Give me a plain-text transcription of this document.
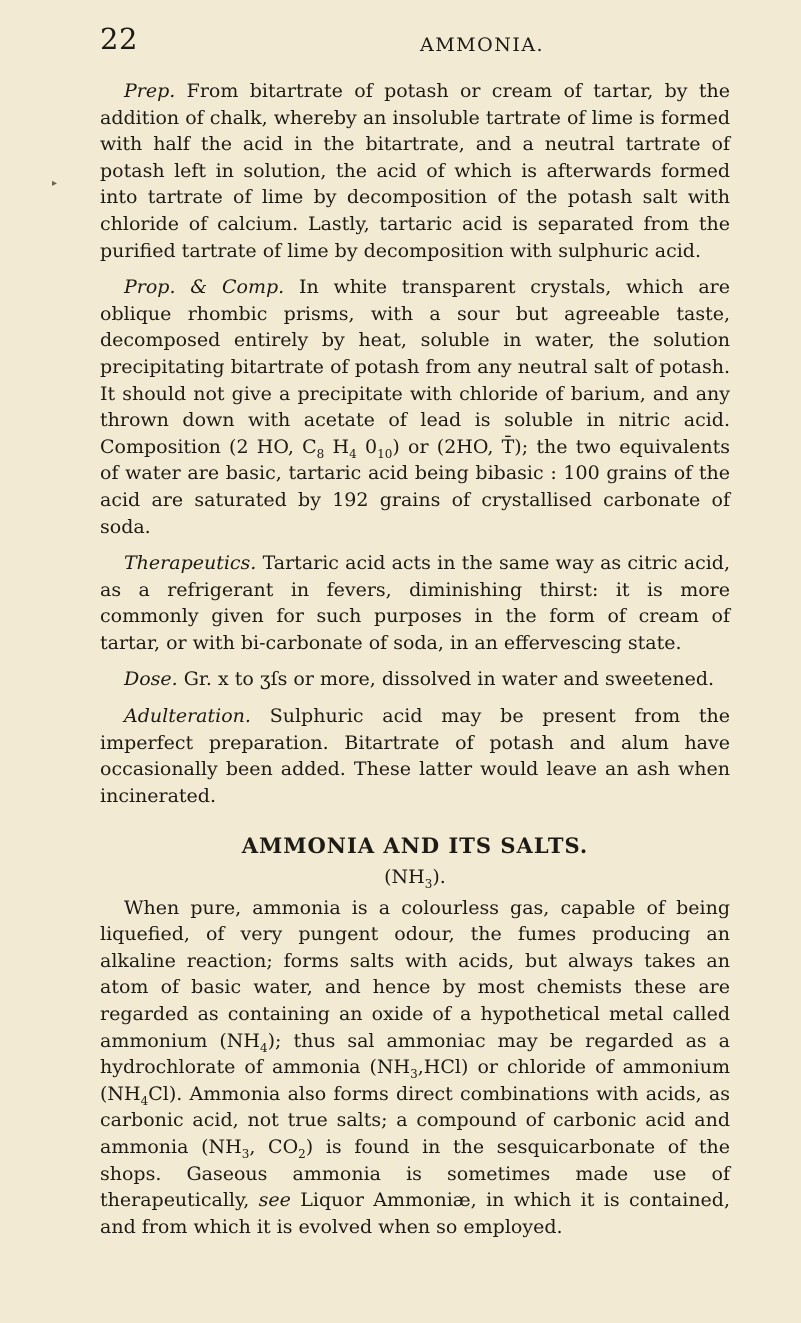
▸
22	AMMONIA.

Prep. From bitartrate of potash or cream of tartar, by the addition of chalk, whereby an insoluble tartrate of lime is formed with half the acid in the bitartrate, and a neutral tartrate of potash left in solution, the acid of which is afterwards formed into tartrate of lime by decomposition of the potash salt with chloride of calcium. Lastly, tartaric acid is separated from the purified tartrate of lime by decomposition with sulphuric acid.

Prop. & Comp. In white transparent crystals, which are oblique rhombic prisms, with a sour but agreeable taste, decomposed entirely by heat, soluble in water, the solution precipitating bitartrate of potash from any neutral salt of potash. It should not give a precipitate with chloride of barium, and any thrown down with acetate of lead is soluble in nitric acid. Composition (2 HO, $C_8$ $H_4$ $0_{10}$) or (2HO, T̄); the two equivalents of water are basic, tartaric acid being bibasic : 100 grains of the acid are saturated by 192 grains of crystallised carbonate of soda.

Therapeutics. Tartaric acid acts in the same way as citric acid, as a refrigerant in fevers, diminishing thirst: it is more commonly given for such purposes in the form of cream of tartar, or with bi-carbonate of soda, in an effervescing state.

Dose. Gr. x to ʒſs or more, dissolved in water and sweetened.

Adulteration. Sulphuric acid may be present from the imperfect preparation. Bitartrate of potash and alum have occasionally been added. These latter would leave an ash when incinerated.

AMMONIA AND ITS SALTS.
$(NH_3)$.

When pure, ammonia is a colourless gas, capable of being liquefied, of very pungent odour, the fumes producing an alkaline reaction; forms salts with acids, but always takes an atom of basic water, and hence by most chemists these are regarded as containing an oxide of a hypothetical metal called ammonium $(NH_4)$; thus sal ammoniac may be regarded as a hydrochlorate of ammonia $(NH_3,HCl)$ or chloride of ammonium $(NH_4Cl)$. Ammonia also forms direct combinations with acids, as carbonic acid, not true salts; a compound of carbonic acid and ammonia ($NH_3$, $CO_2$) is found in the sesquicarbonate of the shops. Gaseous ammonia is sometimes made use of therapeutically, see Liquor Ammoniæ, in which it is contained, and from which it is evolved when so employed.
